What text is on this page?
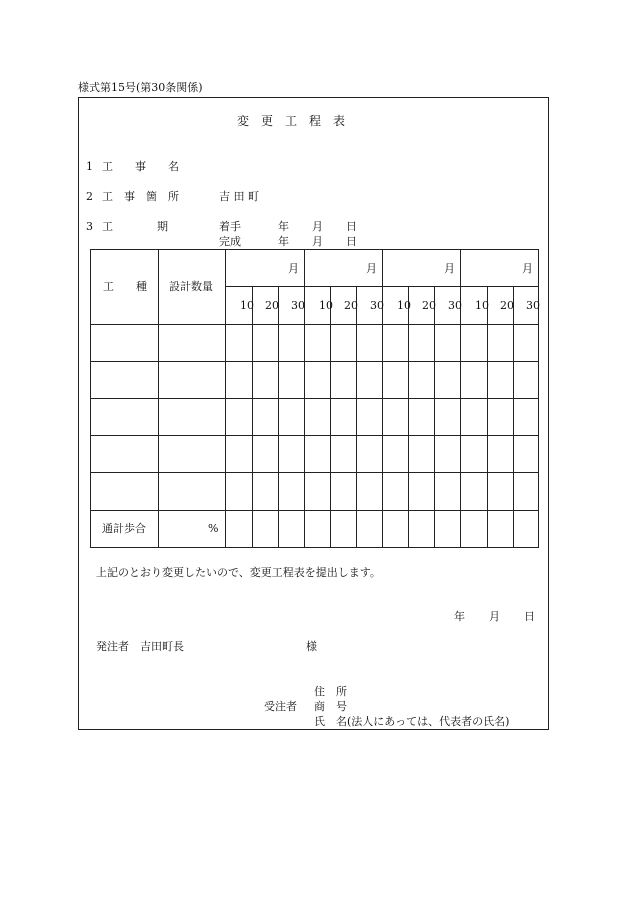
様式第15号(第30条関係)
変　更　工　程　表
1 工　　事　　名
2 工　事　箇　所	吉 田 町
3 工　　　　期	着手	年 月 日
完成	年 月 日
工　　種 設計数量
月	月	月	月
10 20 30 10 20 30 10 20 30 10 20 30
通計歩合	%
上記のとおり変更したいので、変更工程表を提出します。
年 月 日
発注者　吉田町長	様
住　所
受注者 商　号
氏　名(法人にあっては、代表者の氏名)
